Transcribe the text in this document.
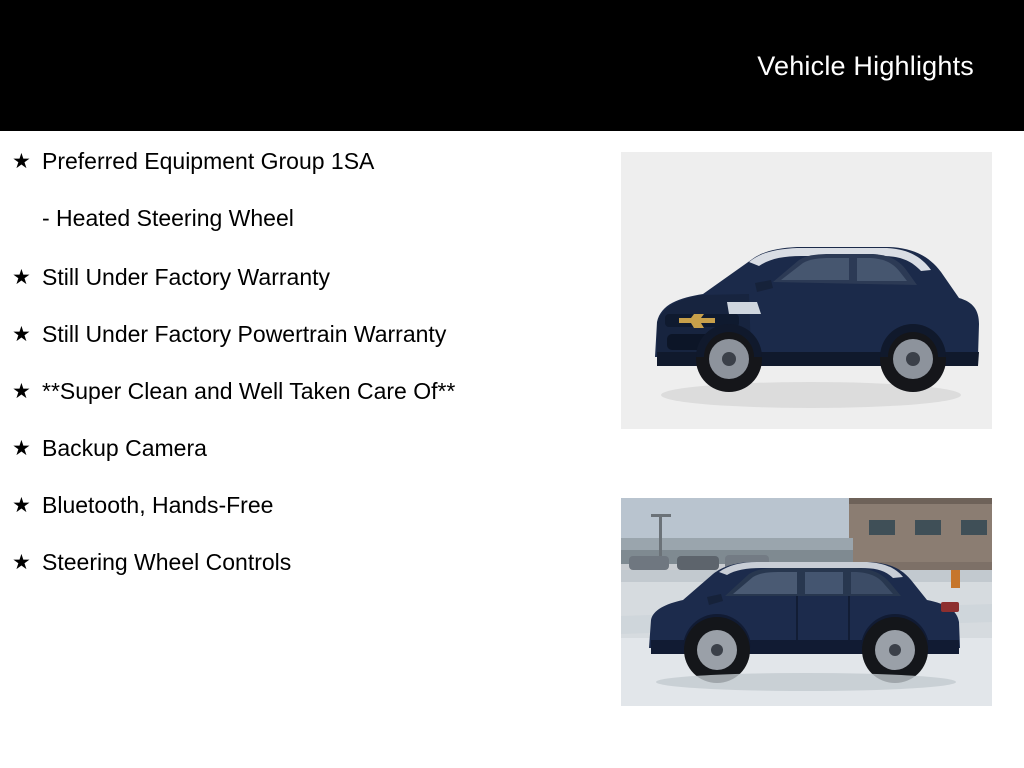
Vehicle Highlights
★ Preferred Equipment Group 1SA
- Heated Steering Wheel
★ Still Under Factory Warranty
★ Still Under Factory Powertrain Warranty
★ **Super Clean and Well Taken Care Of**
★ Backup Camera
★ Bluetooth, Hands-Free
★ Steering Wheel Controls
